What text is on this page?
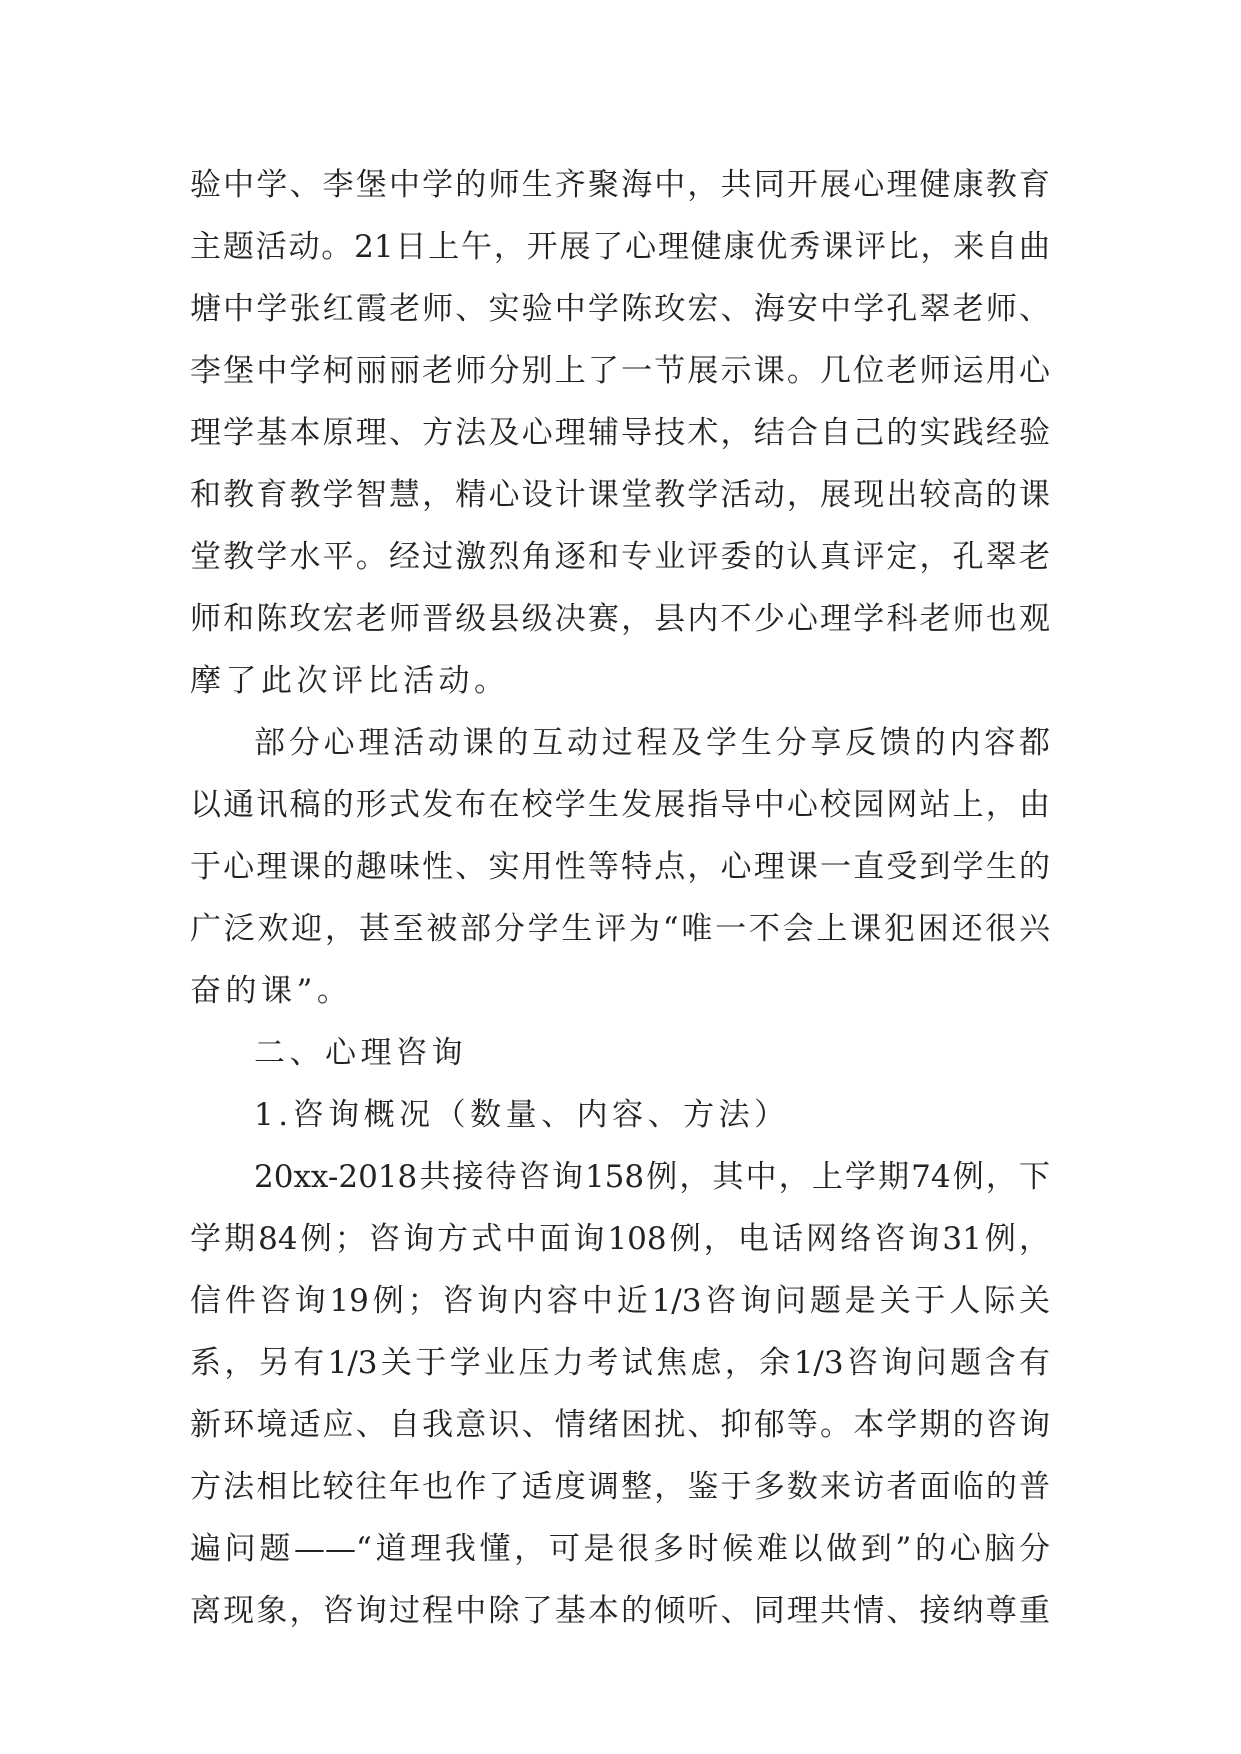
验中学、李堡中学的师生齐聚海中，共同开展心理健康教育
主题活动。21日上午，开展了心理健康优秀课评比，来自曲
塘中学张红霞老师、实验中学陈玫宏、海安中学孔翠老师、
李堡中学柯丽丽老师分别上了一节展示课。几位老师运用心
理学基本原理、方法及心理辅导技术，结合自己的实践经验
和教育教学智慧，精心设计课堂教学活动，展现出较高的课
堂教学水平。经过激烈角逐和专业评委的认真评定，孔翠老
师和陈玫宏老师晋级县级决赛，县内不少心理学科老师也观
摩了此次评比活动。
部分心理活动课的互动过程及学生分享反馈的内容都
以通讯稿的形式发布在校学生发展指导中心校园网站上，由
于心理课的趣味性、实用性等特点，心理课一直受到学生的
广泛欢迎，甚至被部分学生评为“唯一不会上课犯困还很兴
奋的课”。
二、心理咨询
1.咨询概况（数量、内容、方法）
20xx-2018共接待咨询158例，其中，上学期74例，下
学期84例；咨询方式中面询108例，电话网络咨询31例，
信件咨询19例；咨询内容中近1/3咨询问题是关于人际关
系，另有1/3关于学业压力考试焦虑，余1/3咨询问题含有
新环境适应、自我意识、情绪困扰、抑郁等。本学期的咨询
方法相比较往年也作了适度调整，鉴于多数来访者面临的普
遍问题——“道理我懂，可是很多时候难以做到”的心脑分
离现象，咨询过程中除了基本的倾听、同理共情、接纳尊重
